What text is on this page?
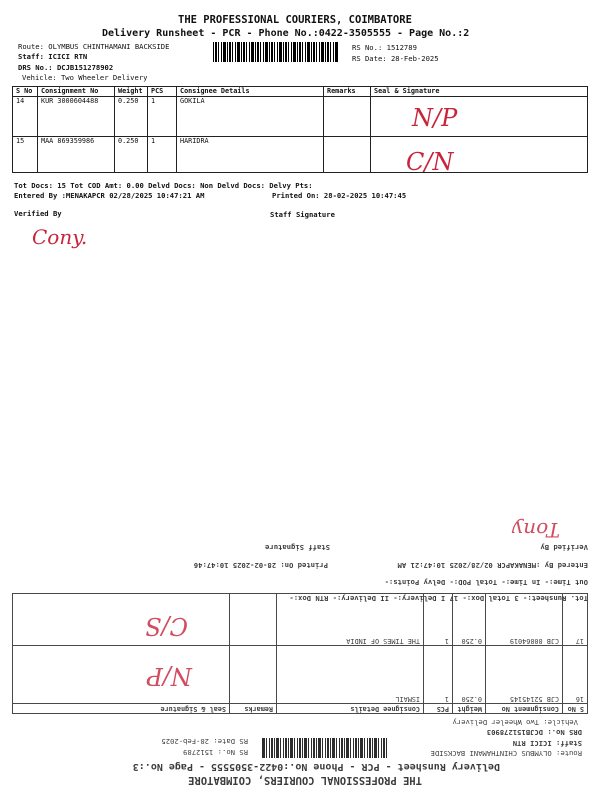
THE PROFESSIONAL COURIERS, COIMBATORE
Delivery Runsheet - PCR - Phone No.:0422-3505555 - Page No.:2
Route: OLYMBUS CHINTHAMANI BACKSIDE
Staff: ICICI RTN
DRS No.: DCJB151278902
Vehicle: Two Wheeler Delivery
RS No.: 1512789
RS Date: 28-Feb-2025
S No	Consignment No	Weight	PCS	Consignee Details	Remarks	Seal & Signature
14	KUR 3000604488	0.250	1	GOKILA		
15	MAA 869359986	0.250	1	HARIDRA		
N/P
C/N
Tot Docs: 15 Tot COD Amt: 0.00 Delvd Docs: Non Delvd Docs: Delvy Pts:
Entered By :MENAKAPCR 02/28/2025 10:47:21 AM	Printed On: 28-02-2025 10:47:45
Verified By	Staff Signature
Cony.
THE PROFESSIONAL COURIERS, COIMBATORE
Delivery Runsheet - PCR - Phone No.:0422-3505555 - Page No.:3
Route: OLYMBUS CHINTHAMANI BACKSIDE
Staff: ICICI RTN
DRS No.: DCJB151278903
Vehicle: Two Wheeler Delivery
RS No.: 1512789
RS Date: 28-Feb-2025
S No	Consignment No	Weight	PCS	Consignee Details	Remarks	Seal & Signature
16	CJB 52145145	0.250	1	ISMAIL		
17	CJB 80864019	0.250	1	THE TIMES OF INDIA		
N/P
C/S
Tot. Runsheet:- 3 Total Dox:- 17 I Delivery:- II Delivery:- RTN Dox:-
Out Time:- In Time:- Total POD:- Delvy Points:-
Entered By :MENAKAPCR 02/28/2025 10:47:21 AM
Printed On: 28-02-2025 10:47:46
Verified By
Staff Signature
Tony
